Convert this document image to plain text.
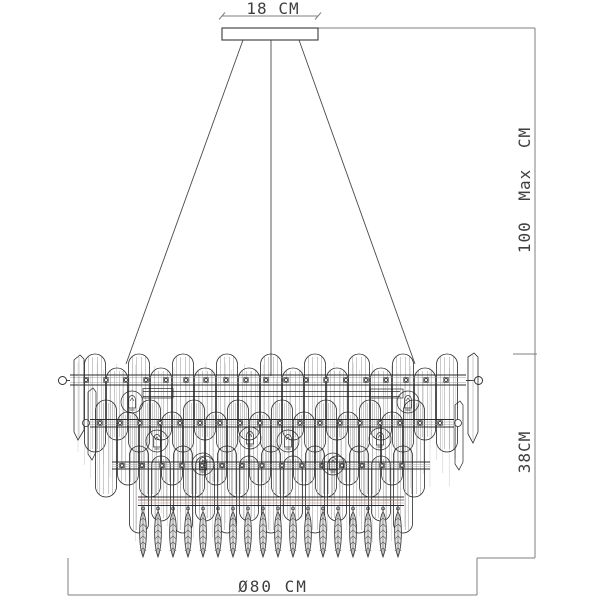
18 CM
100 Max CM
38CM
Ø80 CM
